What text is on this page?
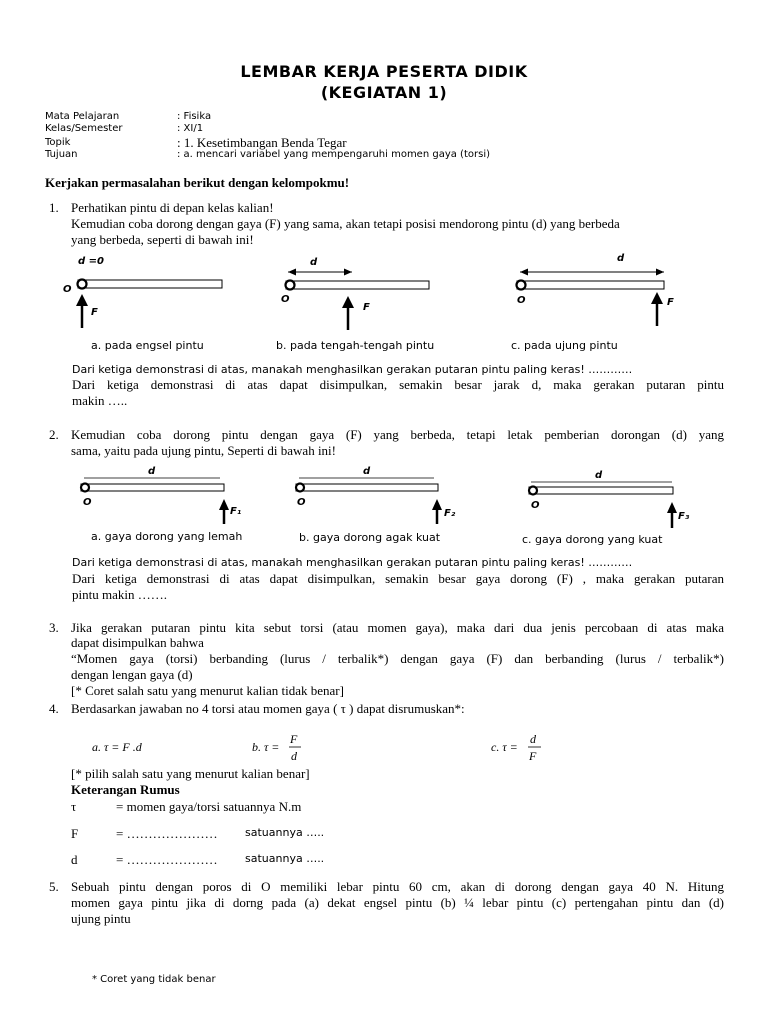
LEMBAR KERJA PESERTA DIDIK
(KEGIATAN 1)
Mata Pelajaran	: Fisika
Kelas/Semester	: XI/1
Topik	: 1. Kesetimbangan Benda Tegar
Tujuan	: a. mencari variabel yang mempengaruhi momen gaya (torsi)
Kerjakan permasalahan berikut dengan kelompokmu!
1. Perhatikan pintu di depan kelas kalian!
Kemudian coba dorong dengan gaya (F) yang sama, akan tetapi posisi mendorong pintu (d) yang berbeda
yang berbeda, seperti di bawah ini!
d =0
O
F
d
O
F
d
O	F
a. pada engsel pintu	b. pada tengah-tengah pintu	c. pada ujung pintu
Dari ketiga demonstrasi di atas, manakah menghasilkan gerakan putaran pintu paling keras! …………
Dari ketiga demonstrasi di atas dapat disimpulkan, semakin besar jarak d, maka gerakan putaran pintu
makin …..
2. Kemudian coba dorong pintu dengan gaya (F) yang berbeda, tetapi letak pemberian dorongan (d) yang
sama, yaitu pada ujung pintu, Seperti di bawah ini!
d
O
F₁
d
O
F₂
d
O
F₃
a. gaya dorong yang lemah	b. gaya dorong agak kuat	c. gaya dorong yang kuat
Dari ketiga demonstrasi di atas, manakah menghasilkan gerakan putaran pintu paling keras! …………
Dari ketiga demonstrasi di atas dapat disimpulkan, semakin besar gaya dorong (F) , maka gerakan putaran
pintu makin …….
3. Jika gerakan putaran pintu kita sebut torsi (atau momen gaya), maka dari dua jenis percobaan di atas maka
dapat disimpulkan bahwa
“Momen gaya (torsi) berbanding (lurus / terbalik*) dengan gaya (F) dan berbanding (lurus / terbalik*)
dengan lengan gaya (d)
[* Coret salah satu yang menurut kalian tidak benar]
4. Berdasarkan jawaban no 4 torsi atau momen gaya ( τ ) dapat disrumuskan*:
a. τ = F .d	b. τ =
F
d
c. τ =
d
F
[* pilih salah satu yang menurut kalian benar]
Keterangan Rumus
τ	= momen gaya/torsi satuannya N.m
F	= ………………… satuannya …..
d	= ………………… satuannya …..
5. Sebuah pintu dengan poros di O memiliki lebar pintu 60 cm, akan di dorong dengan gaya 40 N. Hitung
momen gaya pintu jika di dorng pada (a) dekat engsel pintu (b) ¼ lebar pintu (c) pertengahan pintu dan (d)
ujung pintu
* Coret yang tidak benar
